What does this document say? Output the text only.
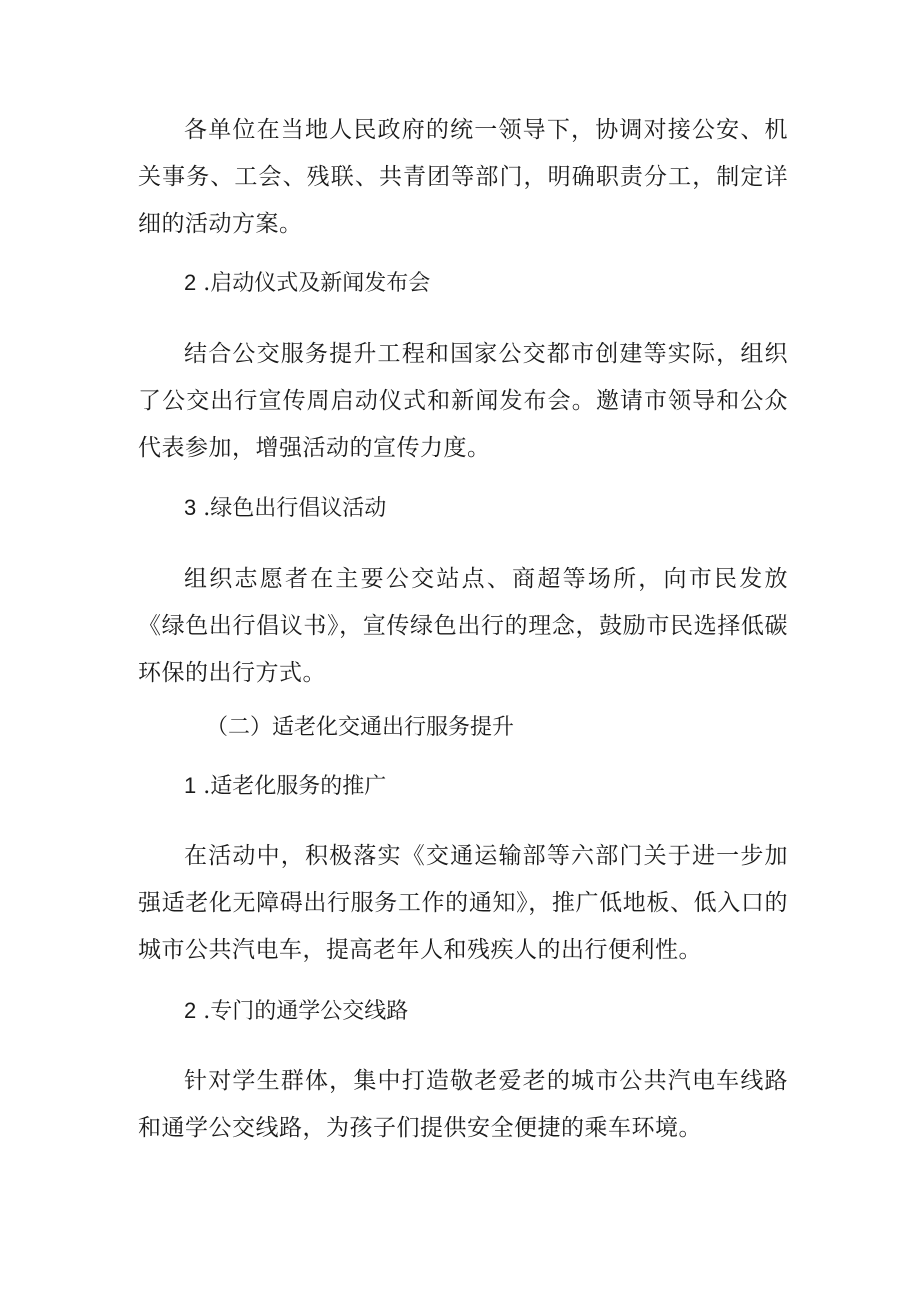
各单位在当地人民政府的统一领导下，协调对接公安、机关事务、工会、残联、共青团等部门，明确职责分工，制定详细的活动方案。

2 .启动仪式及新闻发布会

结合公交服务提升工程和国家公交都市创建等实际，组织了公交出行宣传周启动仪式和新闻发布会。邀请市领导和公众代表参加，增强活动的宣传力度。

3 .绿色出行倡议活动

组织志愿者在主要公交站点、商超等场所，向市民发放《绿色出行倡议书》，宣传绿色出行的理念，鼓励市民选择低碳环保的出行方式。

（二）适老化交通出行服务提升

1 .适老化服务的推广

在活动中，积极落实《交通运输部等六部门关于进一步加强适老化无障碍出行服务工作的通知》，推广低地板、低入口的城市公共汽电车，提高老年人和残疾人的出行便利性。

2 .专门的通学公交线路

针对学生群体，集中打造敬老爱老的城市公共汽电车线路和通学公交线路，为孩子们提供安全便捷的乘车环境。
